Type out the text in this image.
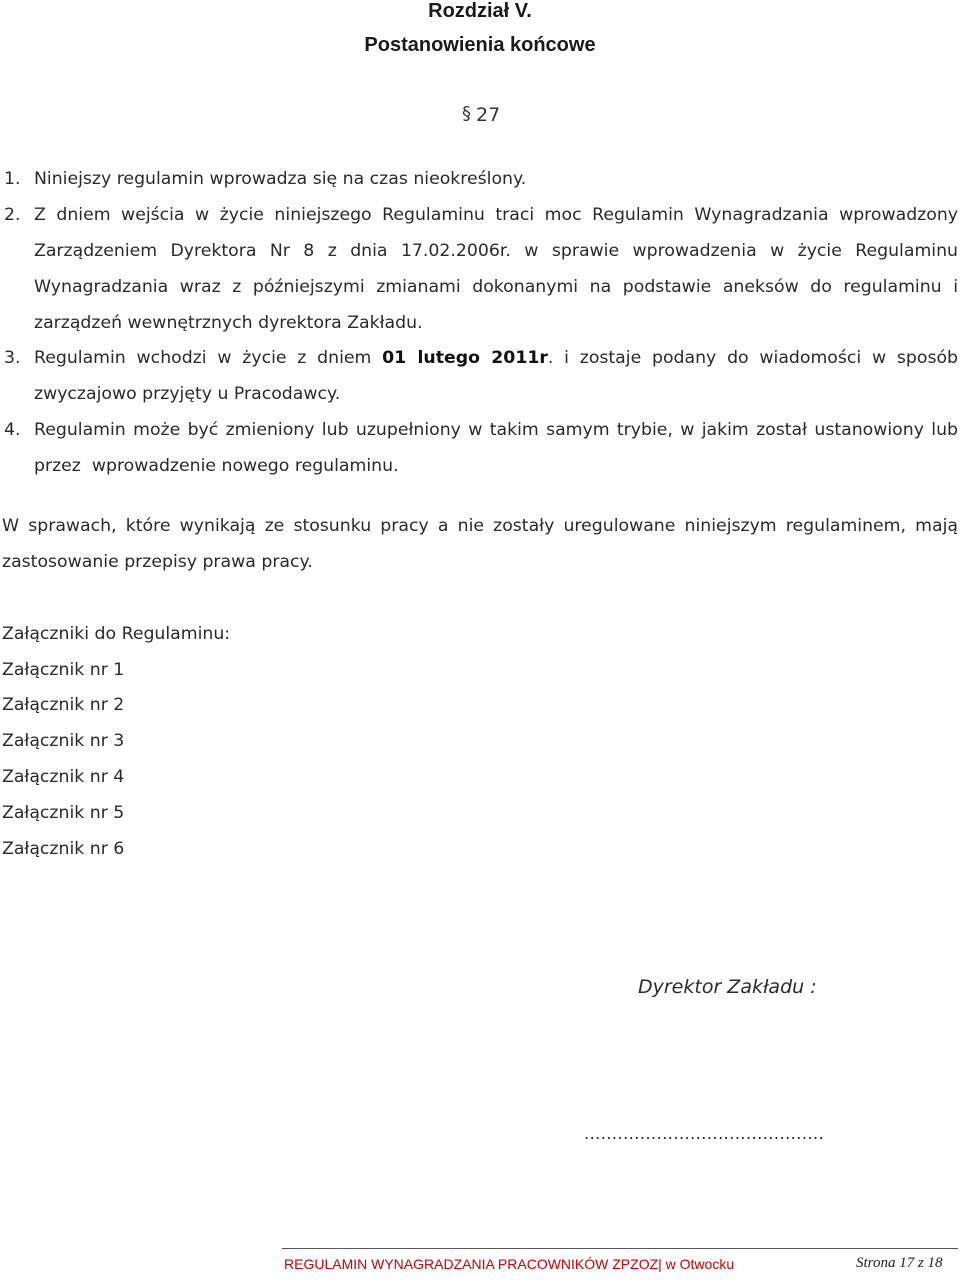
Rozdział V.
Postanowienia końcowe
§ 27
1. Niniejszy regulamin wprowadza się na czas nieokreślony.
2. Z dniem wejścia w życie niniejszego Regulaminu traci moc Regulamin Wynagradzania wprowadzony
Zarządzeniem Dyrektora Nr 8 z dnia 17.02.2006r. w sprawie wprowadzenia w życie Regulaminu
Wynagradzania wraz z późniejszymi zmianami dokonanymi na podstawie aneksów do regulaminu i
zarządzeń wewnętrznych dyrektora Zakładu.
3. Regulamin wchodzi w życie z dniem 01 lutego 2011r. i zostaje podany do wiadomości w sposób
zwyczajowo przyjęty u Pracodawcy.
4. Regulamin może być zmieniony lub uzupełniony w takim samym trybie, w jakim został ustanowiony lub
przez  wprowadzenie nowego regulaminu.
W sprawach, które wynikają ze stosunku pracy a nie zostały uregulowane niniejszym regulaminem, mają
zastosowanie przepisy prawa pracy.
Załączniki do Regulaminu:
Załącznik nr 1
Załącznik nr 2
Załącznik nr 3
Załącznik nr 4
Załącznik nr 5
Załącznik nr 6
Dyrektor Zakładu :
...........................................
REGULAMIN WYNAGRADZANIA PRACOWNIKÓW ZPZOZ| w Otwocku	Strona 17 z 18
